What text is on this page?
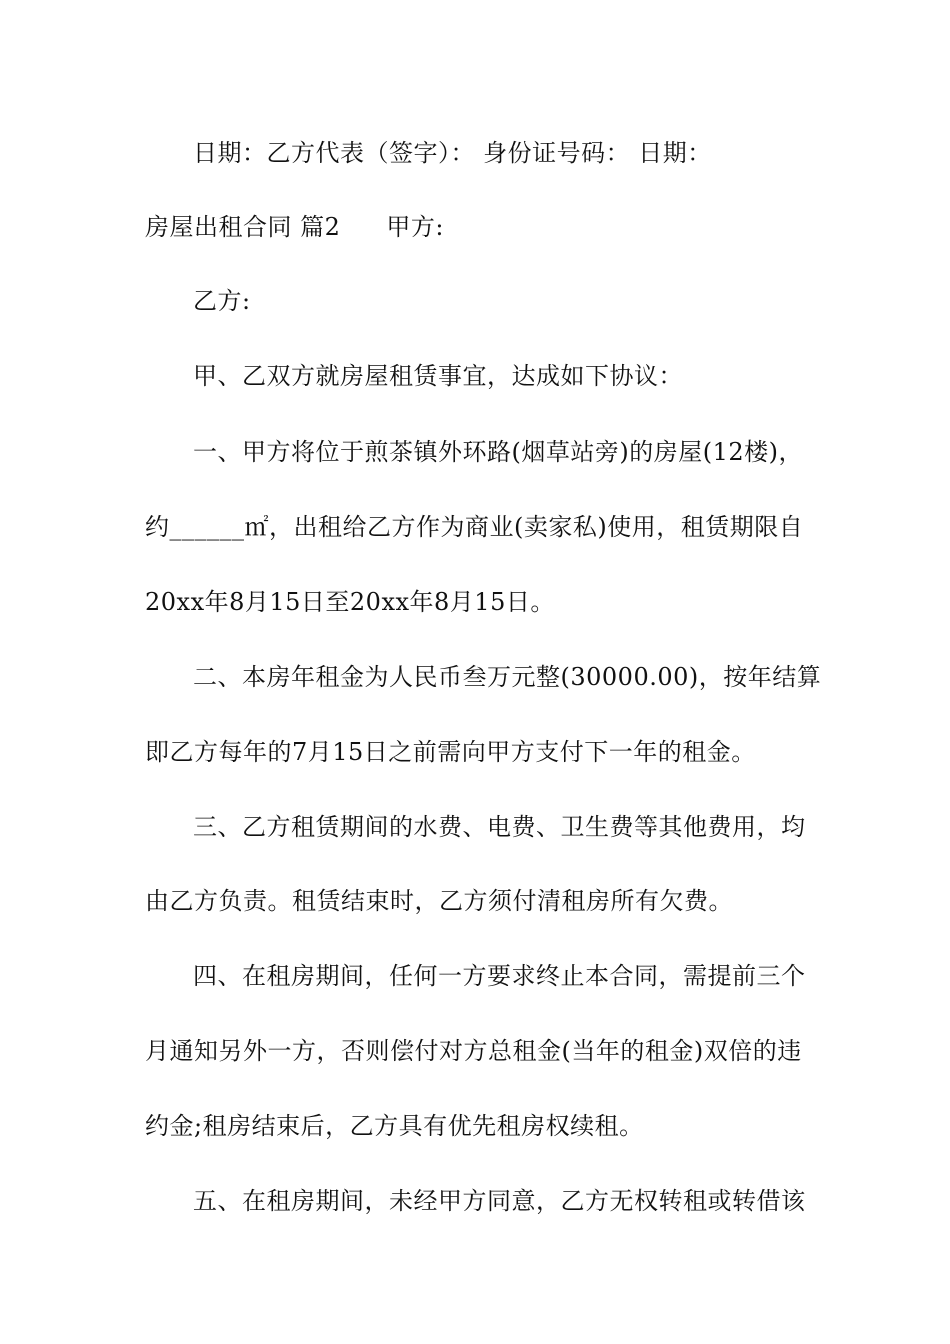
日期：乙方代表（签字）： 身份证号码： 日期：
房屋出租合同 篇2 甲方:
乙方:
甲、乙双方就房屋租赁事宜，达成如下协议：
一、甲方将位于煎茶镇外环路(烟草站旁)的房屋(12楼)，
约______㎡，出租给乙方作为商业(卖家私)使用，租赁期限自
20xx年8月15日至20xx年8月15日。
二、本房年租金为人民币叁万元整(30000.00)，按年结算
即乙方每年的7月15日之前需向甲方支付下一年的租金。
三、乙方租赁期间的水费、电费、卫生费等其他费用，均
由乙方负责。租赁结束时，乙方须付清租房所有欠费。
四、在租房期间，任何一方要求终止本合同，需提前三个
月通知另外一方，否则偿付对方总租金(当年的租金)双倍的违
约金;租房结束后，乙方具有优先租房权续租。
五、在租房期间，未经甲方同意，乙方无权转租或转借该
